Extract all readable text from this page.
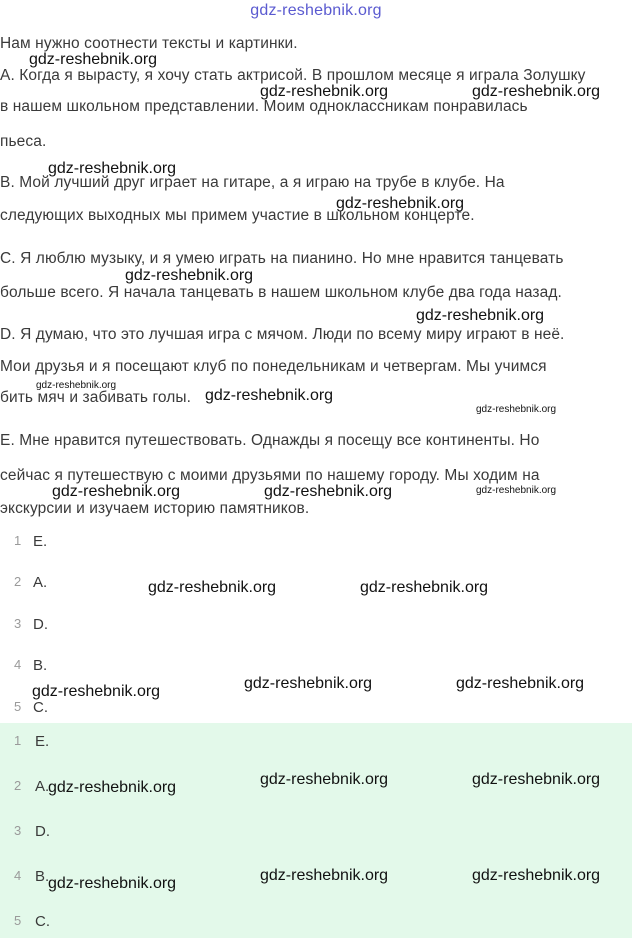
gdz-reshebnik.org
Нам нужно соотнести тексты и картинки.
A. Когда я вырасту, я хочу стать актрисой. В прошлом месяце я играла Золушку
в нашем школьном представлении. Моим одноклассникам понравилась
пьеса.
B. Мой лучший друг играет на гитаре, а я играю на трубе в клубе. На
следующих выходных мы примем участие в школьном концерте.
C. Я люблю музыку, и я умею играть на пианино. Но мне нравится танцевать
больше всего. Я начала танцевать в нашем школьном клубе два года назад.
D. Я думаю, что это лучшая игра с мячом. Люди по всему миру играют в неё.
Мои друзья и я посещают клуб по понедельникам и четвергам. Мы учимся
бить мяч и забивать голы.
E. Мне нравится путешествовать. Однажды я посещу все континенты. Но
сейчас я путешествую с моими друзьями по нашему городу. Мы ходим на
экскурсии и изучаем историю памятников.
1 E.
2 A.
3 D.
4 B.
5 C.
1 E.
2 A.
3 D.
4 B.
5 C.
gdz-reshebnik.org
gdz-reshebnik.org	gdz-reshebnik.org
gdz-reshebnik.org
gdz-reshebnik.org
gdz-reshebnik.org
gdz-reshebnik.org
gdz-reshebnik.org
gdz-reshebnik.org
gdz-reshebnik.org
gdz-reshebnik.org	gdz-reshebnik.org	gdz-reshebnik.org
gdz-reshebnik.org	gdz-reshebnik.org
gdz-reshebnik.org	gdz-reshebnik.org
gdz-reshebnik.org
gdz-reshebnik.org	gdz-reshebnik.org
gdz-reshebnik.org
gdz-reshebnik.org	gdz-reshebnik.org
gdz-reshebnik.org
